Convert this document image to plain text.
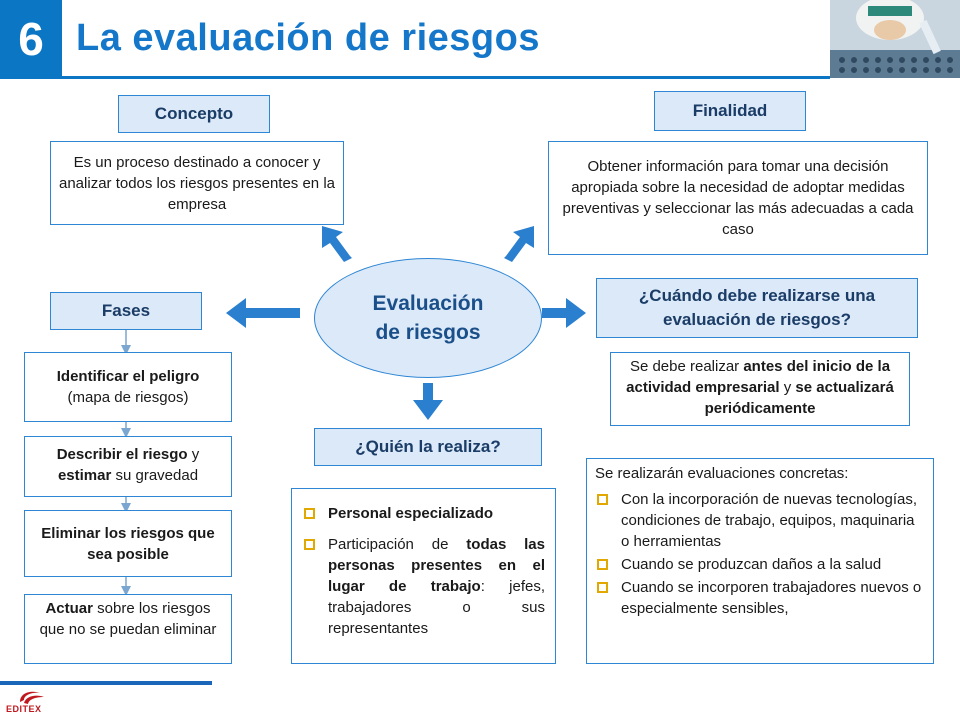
6 La evaluación de riesgos
Concepto
Es un proceso destinado a conocer y analizar todos los riesgos presentes en la empresa
Finalidad
Obtener información para tomar una decisión apropiada sobre la necesidad de adoptar medidas preventivas y seleccionar las más adecuadas a cada caso
Evaluación
de riesgos
Fases
Identificar el peligro
(mapa de riesgos)
Describir el riesgo y estimar su gravedad
Eliminar los riesgos que sea posible
Actuar sobre los riesgos que no se puedan eliminar
¿Cuándo debe realizarse una evaluación de riesgos?
Se debe realizar antes del inicio de la actividad empresarial y se actualizará periódicamente
Se realizarán evaluaciones concretas:
Con la incorporación de nuevas tecnologías, condiciones de trabajo, equipos, maquinaria o herramientas
Cuando se produzcan daños a la salud
Cuando se incorporen trabajadores nuevos o especialmente sensibles,
¿Quién la realiza?
Personal especializado
Participación de todas las personas presentes en el lugar de trabajo: jefes, trabajadores o sus representantes
EDITEX
